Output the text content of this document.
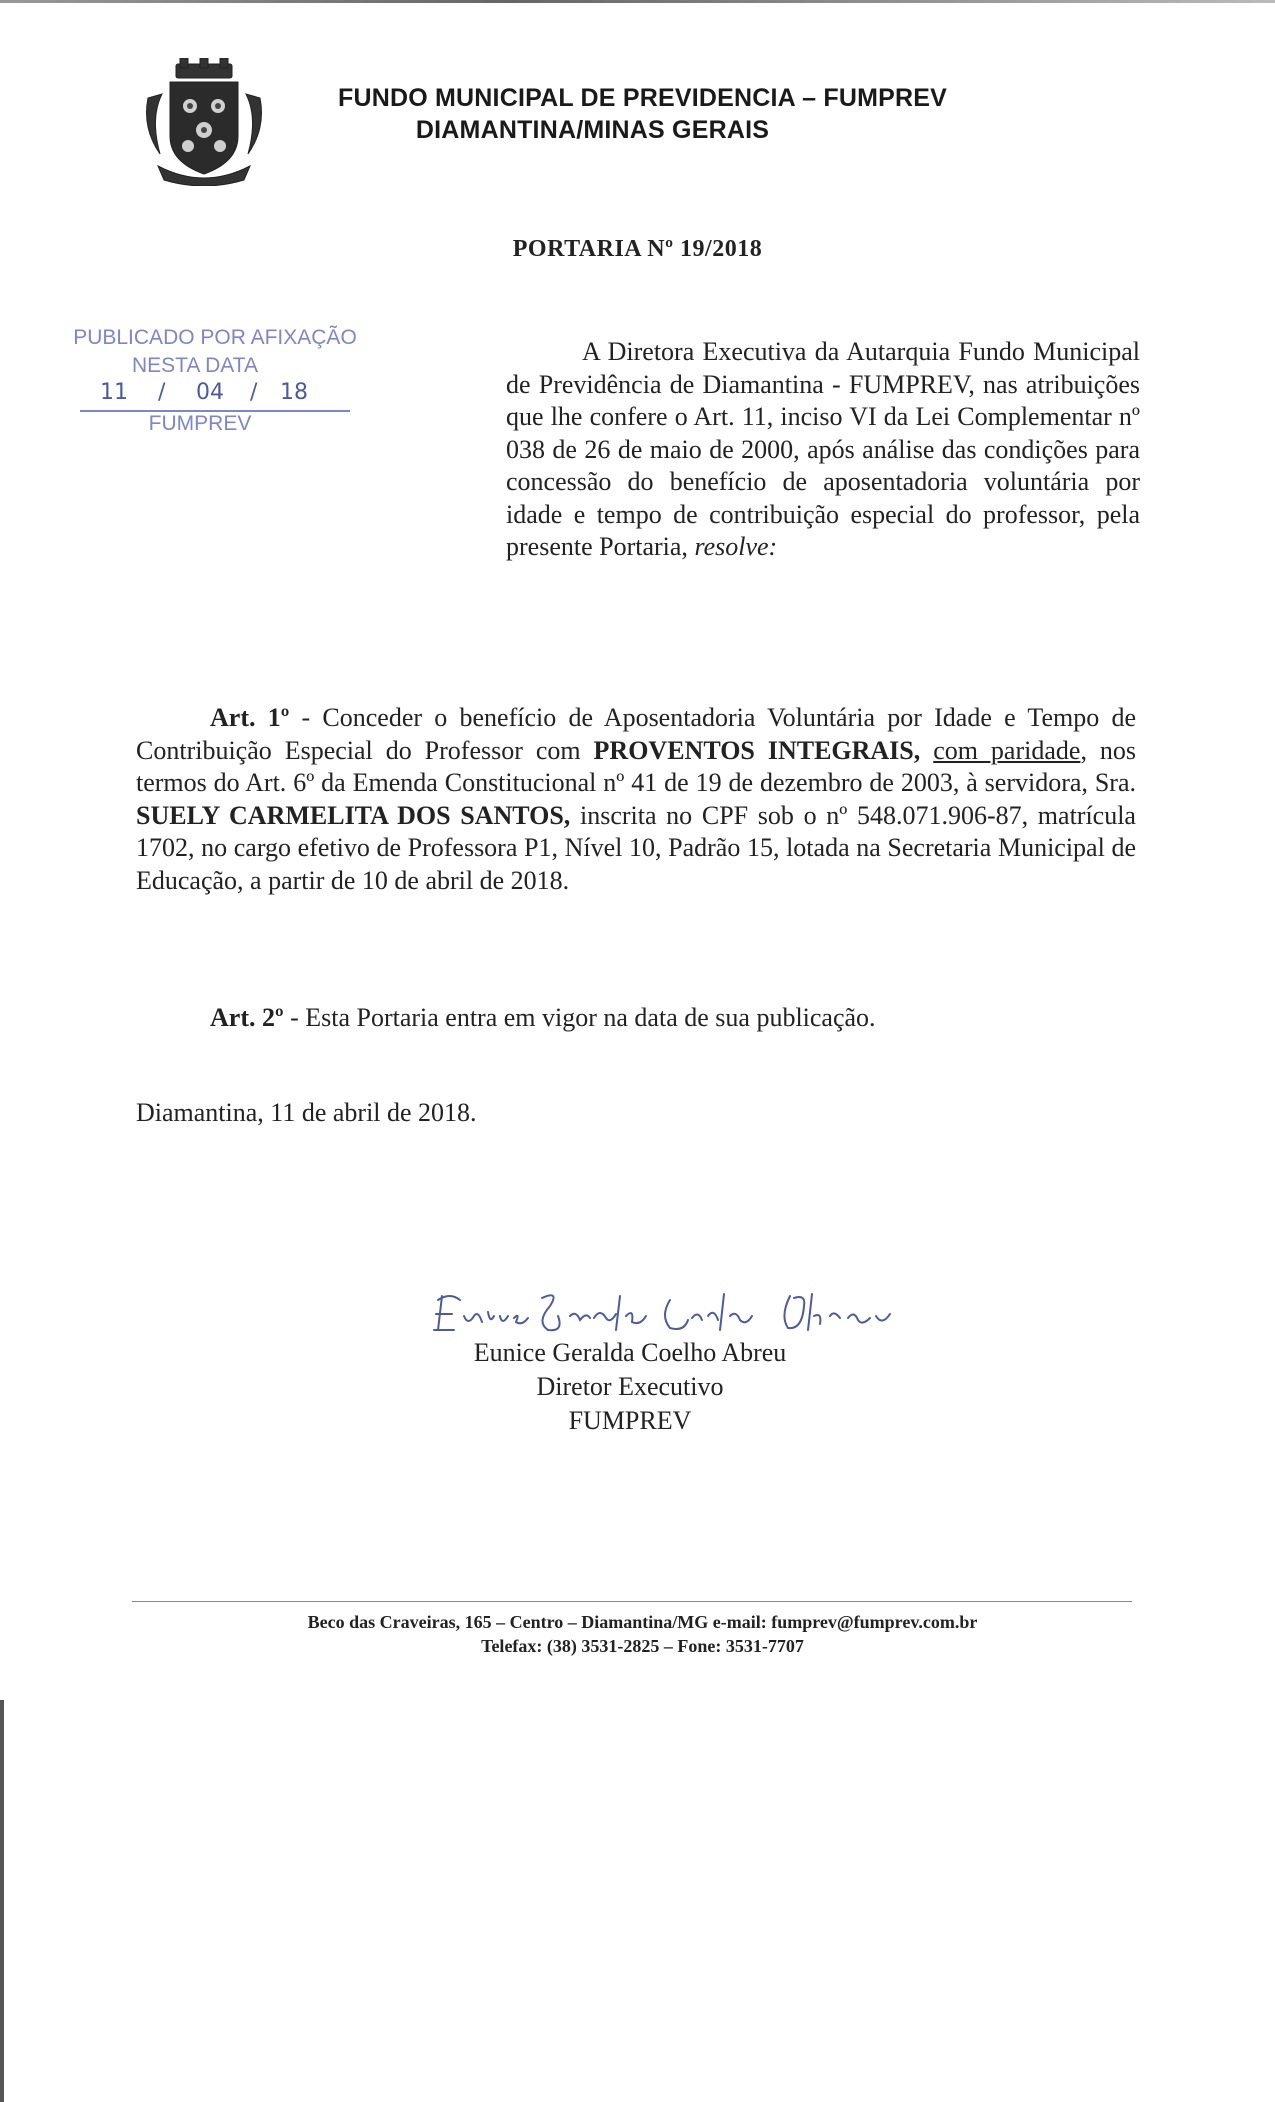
FUNDO MUNICIPAL DE PREVIDENCIA – FUMPREV
DIAMANTINA/MINAS GERAIS
PORTARIA Nº 19/2018
PUBLICADO POR AFIXAÇÃO
NESTA DATA
11 / 04 / 18
FUMPREV

A Diretora Executiva da Autarquia Fundo Municipal de Previdência de Diamantina - FUMPREV, nas atribuições que lhe confere o Art. 11, inciso VI da Lei Complementar nº 038 de 26 de maio de 2000, após análise das condições para concessão do benefício de aposentadoria voluntária por idade e tempo de contribuição especial do professor, pela presente Portaria, resolve:

Art. 1º - Conceder o benefício de Aposentadoria Voluntária por Idade e Tempo de Contribuição Especial do Professor com PROVENTOS INTEGRAIS, com paridade, nos termos do Art. 6º da Emenda Constitucional nº 41 de 19 de dezembro de 2003, à servidora, Sra. SUELY CARMELITA DOS SANTOS, inscrita no CPF sob o nº 548.071.906-87, matrícula 1702, no cargo efetivo de Professora P1, Nível 10, Padrão 15, lotada na Secretaria Municipal de Educação, a partir de 10 de abril de 2018.

Art. 2º - Esta Portaria entra em vigor na data de sua publicação.

Diamantina, 11 de abril de 2018.
Eunice Geralda Coelho Abreu
Diretor Executivo
FUMPREV
Beco das Craveiras, 165 – Centro – Diamantina/MG e-mail: fumprev@fumprev.com.br
Telefax: (38) 3531-2825 – Fone: 3531-7707
